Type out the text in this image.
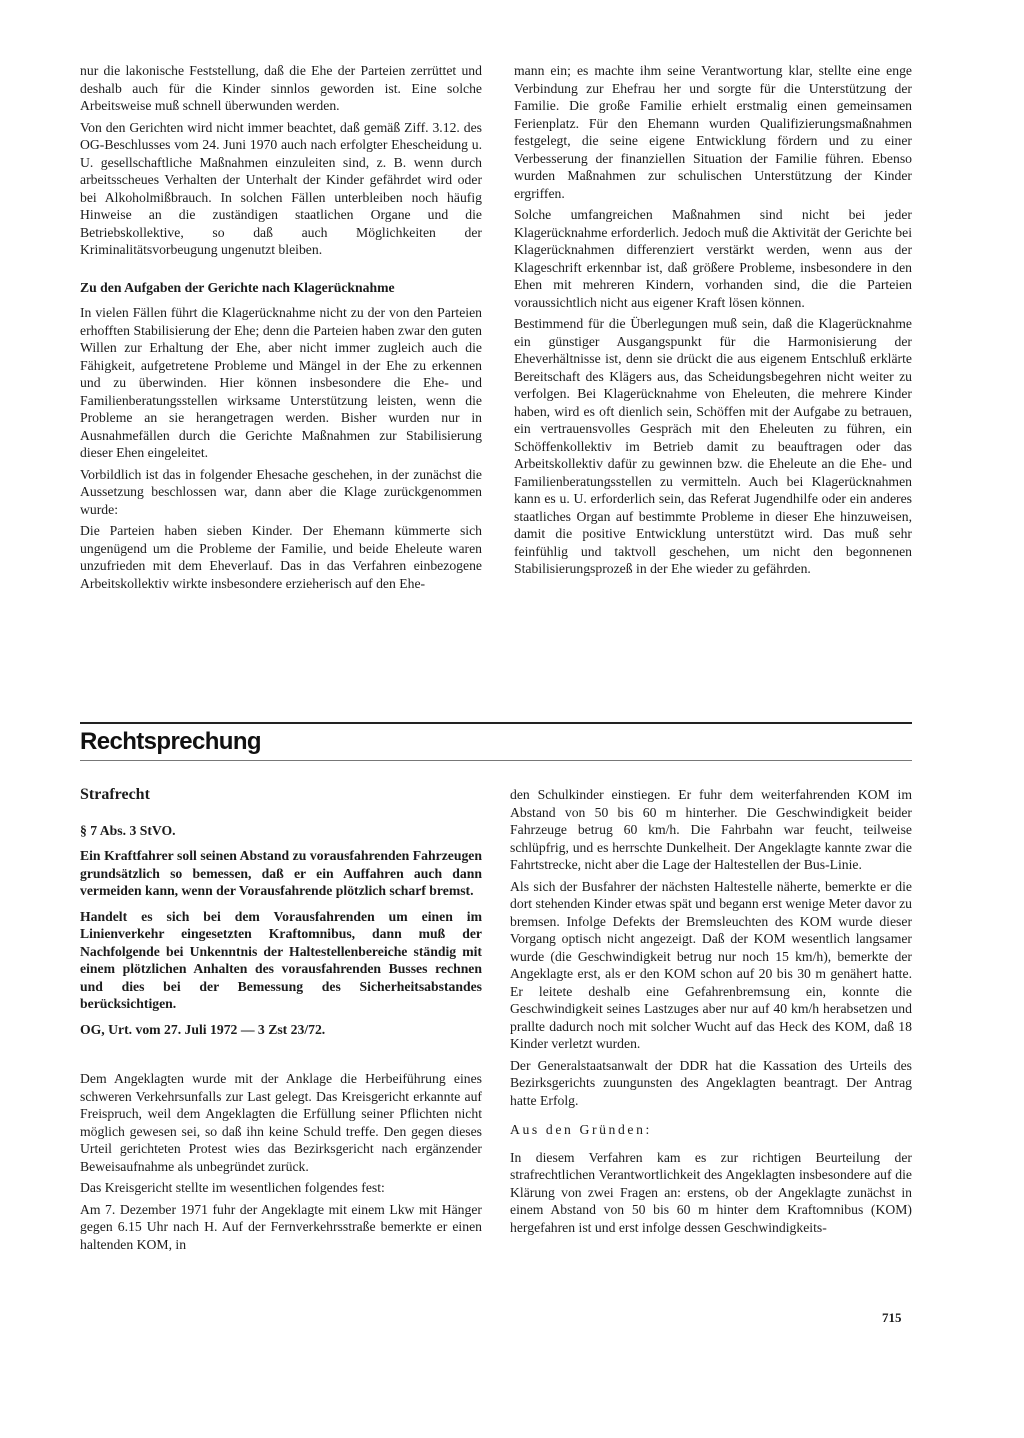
nur die lakonische Feststellung, daß die Ehe der Parteien zerrüttet und deshalb auch für die Kinder sinnlos geworden ist. Eine solche Arbeitsweise muß schnell überwunden werden.

Von den Gerichten wird nicht immer beachtet, daß gemäß Ziff. 3.12. des OG-Beschlusses vom 24. Juni 1970 auch nach erfolgter Ehescheidung u. U. gesellschaftliche Maßnahmen einzuleiten sind, z. B. wenn durch arbeitsscheues Verhalten der Unterhalt der Kinder gefährdet wird oder bei Alkoholmißbrauch. In solchen Fällen unterbleiben noch häufig Hinweise an die zuständigen staatlichen Organe und die Betriebskollektive, so daß auch Möglichkeiten der Kriminalitätsvorbeugung ungenutzt bleiben.

Zu den Aufgaben der Gerichte nach Klagerücknahme

In vielen Fällen führt die Klagerücknahme nicht zu der von den Parteien erhofften Stabilisierung der Ehe; denn die Parteien haben zwar den guten Willen zur Erhaltung der Ehe, aber nicht immer zugleich auch die Fähigkeit, aufgetretene Probleme und Mängel in der Ehe zu erkennen und zu überwinden. Hier können insbesondere die Ehe- und Familienberatungsstellen wirksame Unterstützung leisten, wenn die Probleme an sie herangetragen werden. Bisher wurden nur in Ausnahmefällen durch die Gerichte Maßnahmen zur Stabilisierung dieser Ehen eingeleitet.

Vorbildlich ist das in folgender Ehesache geschehen, in der zunächst die Aussetzung beschlossen war, dann aber die Klage zurückgenommen wurde:

Die Parteien haben sieben Kinder. Der Ehemann kümmerte sich ungenügend um die Probleme der Familie, und beide Eheleute waren unzufrieden mit dem Eheverlauf. Das in das Verfahren einbezogene Arbeitskollektiv wirkte insbesondere erzieherisch auf den Ehe-

mann ein; es machte ihm seine Verantwortung klar, stellte eine enge Verbindung zur Ehefrau her und sorgte für die Unterstützung der Familie. Die große Familie erhielt erstmalig einen gemeinsamen Ferienplatz. Für den Ehemann wurden Qualifizierungsmaßnahmen festgelegt, die seine eigene Entwicklung fördern und zu einer Verbesserung der finanziellen Situation der Familie führen. Ebenso wurden Maßnahmen zur schulischen Unterstützung der Kinder ergriffen.

Solche umfangreichen Maßnahmen sind nicht bei jeder Klagerücknahme erforderlich. Jedoch muß die Aktivität der Gerichte bei Klagerücknahmen differenziert verstärkt werden, wenn aus der Klageschrift erkennbar ist, daß größere Probleme, insbesondere in den Ehen mit mehreren Kindern, vorhanden sind, die die Parteien voraussichtlich nicht aus eigener Kraft lösen können.

Bestimmend für die Überlegungen muß sein, daß die Klagerücknahme ein günstiger Ausgangspunkt für die Harmonisierung der Eheverhältnisse ist, denn sie drückt die aus eigenem Entschluß erklärte Bereitschaft des Klägers aus, das Scheidungsbegehren nicht weiter zu verfolgen. Bei Klagerücknahme von Eheleuten, die mehrere Kinder haben, wird es oft dienlich sein, Schöffen mit der Aufgabe zu betrauen, ein vertrauensvolles Gespräch mit den Eheleuten zu führen, ein Schöffenkollektiv im Betrieb damit zu beauftragen oder das Arbeitskollektiv dafür zu gewinnen bzw. die Eheleute an die Ehe- und Familienberatungsstellen zu vermitteln. Auch bei Klagerücknahmen kann es u. U. erforderlich sein, das Referat Jugendhilfe oder ein anderes staatliches Organ auf bestimmte Probleme in dieser Ehe hinzuweisen, damit die positive Entwicklung unterstützt wird. Das muß sehr feinfühlig und taktvoll geschehen, um nicht den begonnenen Stabilisierungsprozeß in der Ehe wieder zu gefährden.

Rechtsprechung

Strafrecht

§ 7 Abs. 3 StVO.

Ein Kraftfahrer soll seinen Abstand zu vorausfahrenden Fahrzeugen grundsätzlich so bemessen, daß er ein Auffahren auch dann vermeiden kann, wenn der Vorausfahrende plötzlich scharf bremst.

Handelt es sich bei dem Vorausfahrenden um einen im Linienverkehr eingesetzten Kraftomnibus, dann muß der Nachfolgende bei Unkenntnis der Haltestellenbereiche ständig mit einem plötzlichen Anhalten des vorausfahrenden Busses rechnen und dies bei der Bemessung des Sicherheitsabstandes berücksichtigen.

OG, Urt. vom 27. Juli 1972 — 3 Zst 23/72.

Dem Angeklagten wurde mit der Anklage die Herbeiführung eines schweren Verkehrsunfalls zur Last gelegt. Das Kreisgericht erkannte auf Freispruch, weil dem Angeklagten die Erfüllung seiner Pflichten nicht möglich gewesen sei, so daß ihn keine Schuld treffe. Den gegen dieses Urteil gerichteten Protest wies das Bezirksgericht nach ergänzender Beweisaufnahme als unbegründet zurück.

Das Kreisgericht stellte im wesentlichen folgendes fest:

Am 7. Dezember 1971 fuhr der Angeklagte mit einem Lkw mit Hänger gegen 6.15 Uhr nach H. Auf der Fernverkehrsstraße bemerkte er einen haltenden KOM, in

den Schulkinder einstiegen. Er fuhr dem weiterfahrenden KOM im Abstand von 50 bis 60 m hinterher. Die Geschwindigkeit beider Fahrzeuge betrug 60 km/h. Die Fahrbahn war feucht, teilweise schlüpfrig, und es herrschte Dunkelheit. Der Angeklagte kannte zwar die Fahrtstrecke, nicht aber die Lage der Haltestellen der Bus-Linie.

Als sich der Busfahrer der nächsten Haltestelle näherte, bemerkte er die dort stehenden Kinder etwas spät und begann erst wenige Meter davor zu bremsen. Infolge Defekts der Bremsleuchten des KOM wurde dieser Vorgang optisch nicht angezeigt. Daß der KOM wesentlich langsamer wurde (die Geschwindigkeit betrug nur noch 15 km/h), bemerkte der Angeklagte erst, als er den KOM schon auf 20 bis 30 m genähert hatte. Er leitete deshalb eine Gefahrenbremsung ein, konnte die Geschwindigkeit seines Lastzuges aber nur auf 40 km/h herabsetzen und prallte dadurch noch mit solcher Wucht auf das Heck des KOM, daß 18 Kinder verletzt wurden.

Der Generalstaatsanwalt der DDR hat die Kassation des Urteils des Bezirksgerichts zuungunsten des Angeklagten beantragt. Der Antrag hatte Erfolg.

Aus den Gründen:

In diesem Verfahren kam es zur richtigen Beurteilung der strafrechtlichen Verantwortlichkeit des Angeklagten insbesondere auf die Klärung von zwei Fragen an: erstens, ob der Angeklagte zunächst in einem Abstand von 50 bis 60 m hinter dem Kraftomnibus (KOM) hergefahren ist und erst infolge dessen Geschwindigkeits-

715
